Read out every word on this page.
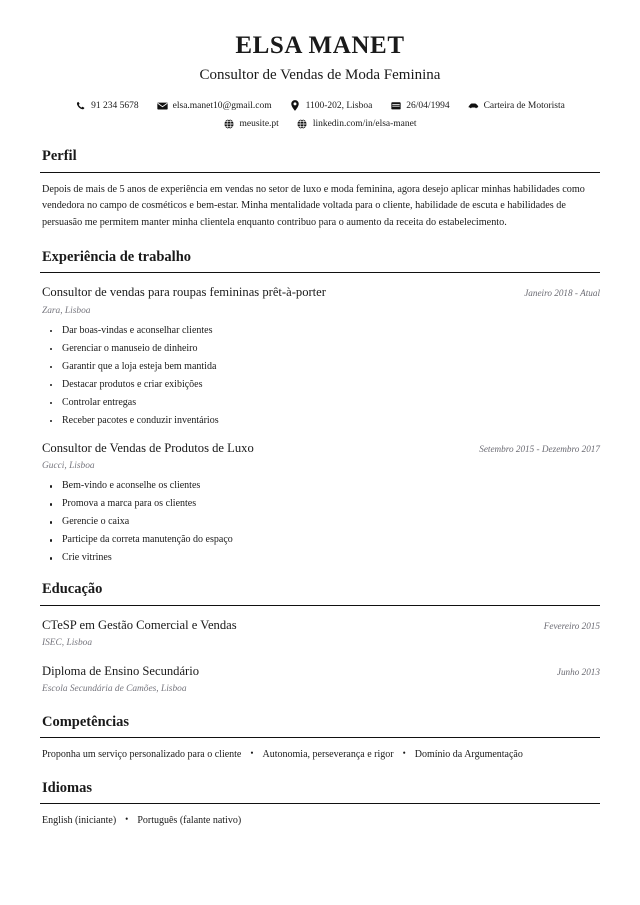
ELSA MANET
Consultor de Vendas de Moda Feminina
91 234 5678	elsa.manet10@gmail.com	1100-202, Lisboa	26/04/1994	Carteira de Motorista
meusite.pt	linkedin.com/in/elsa-manet
Perfil

Depois de mais de 5 anos de experiência em vendas no setor de luxo e moda feminina, agora desejo aplicar minhas habilidades como vendedora no campo de cosméticos e bem-estar. Minha mentalidade voltada para o cliente, habilidade de escuta e habilidades de persuasão me permitem manter minha clientela enquanto contribuo para o aumento da receita do estabelecimento.

Experiência de trabalho
Consultor de vendas para roupas femininas prêt-à-porter	Janeiro 2018 - Atual
Zara, Lisboa
Dar boas-vindas e aconselhar clientes
Gerenciar o manuseio de dinheiro
Garantir que a loja esteja bem mantida
Destacar produtos e criar exibições
Controlar entregas
Receber pacotes e conduzir inventários
Consultor de Vendas de Produtos de Luxo	Setembro 2015 - Dezembro 2017
Gucci, Lisboa
Bem-vindo e aconselhe os clientes
Promova a marca para os clientes
Gerencie o caixa
Participe da correta manutenção do espaço
Crie vitrines
Educação
CTeSP em Gestão Comercial e Vendas	Fevereiro 2015
ISEC, Lisboa
Diploma de Ensino Secundário	Junho 2013
Escola Secundária de Camões, Lisboa
Competências
Proponha um serviço personalizado para o cliente • Autonomia, perseverança e rigor • Domínio da Argumentação
Idiomas
English (iniciante) • Português (falante nativo)
